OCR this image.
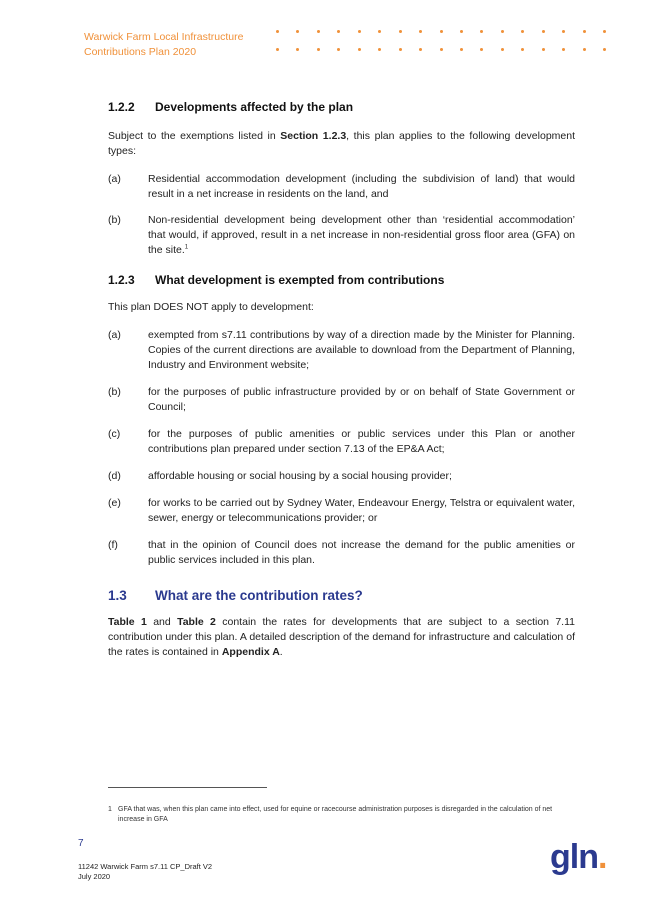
Warwick Farm Local Infrastructure
Contributions Plan 2020
1.2.2	Developments affected by the plan

Subject to the exemptions listed in Section 1.2.3, this plan applies to the following development types:

(a)	Residential accommodation development (including the subdivision of land) that would result in a net increase in residents on the land, and
(b)	Non-residential development being development other than ‘residential accommodation’ that would, if approved, result in a net increase in non-residential gross floor area (GFA) on the site.$^1$
1.2.3	What development is exempted from contributions

This plan DOES NOT apply to development:

(a)	exempted from s7.11 contributions by way of a direction made by the Minister for Planning. Copies of the current directions are available to download from the Department of Planning, Industry and Environment website;
(b)	for the purposes of public infrastructure provided by or on behalf of State Government or Council;
(c)	for the purposes of public amenities or public services under this Plan or another contributions plan prepared under section 7.13 of the EP&A Act;
(d)	affordable housing or social housing by a social housing provider;
(e)	for works to be carried out by Sydney Water, Endeavour Energy, Telstra or equivalent water, sewer, energy or telecommunications provider; or
(f)	that in the opinion of Council does not increase the demand for the public amenities or public services included in this plan.
1.3	What are the contribution rates?

Table 1 and Table 2 contain the rates for developments that are subject to a section 7.11 contribution under this plan. A detailed description of the demand for infrastructure and calculation of the rates is contained in Appendix A.

1 GFA that was, when this plan came into effect, used for equine or racecourse administration purposes is disregarded in the calculation of net increase in GFA
7
11242 Warwick Farm s7.11 CP_Draft V2
July 2020
gln.
